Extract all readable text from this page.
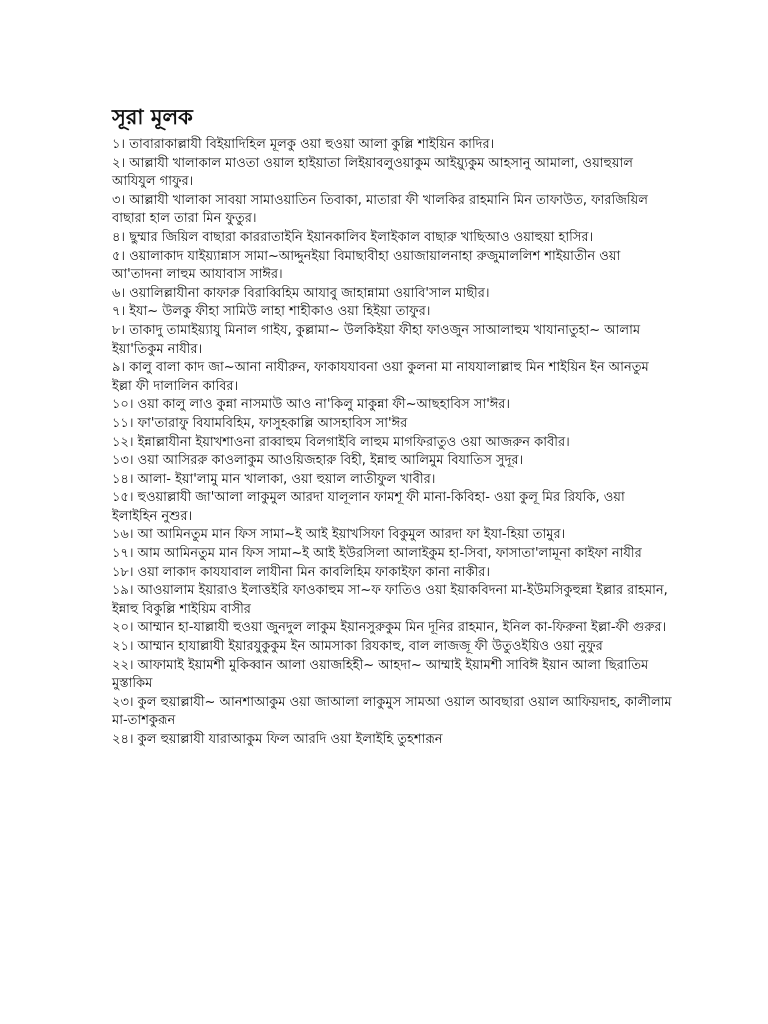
সূরা মূলক

১। তাবারাকাল্লাযী বিইয়াদিহিল মূলকু ওয়া হুওয়া আলা কুল্লি শাইয়িন কাদির।

২। আল্লাযী খালাকাল মাওতা ওয়াল হাইয়াতা লিইয়াবলুওয়াকুম আইয়্যুকুম আহসানু আমালা, ওয়াহুয়াল আযিযুল গাফুর।

৩। আল্লাযী খালাকা সাবয়া সামাওয়াতিন তিবাকা, মাতারা ফী খালকির রাহমানি মিন তাফাউত, ফারজিয়িল বাছারা হাল তারা মিন ফুতুর।

৪। ছুম্মার জিয়িল বাছারা কাররাতাইনি ইয়ানকালিব ইলাইকাল বাছারু খাছিআও ওয়াহুয়া হাসির।

৫। ওয়ালাকাদ যাইয়্যান্নাস সামা~আদ্দুনইয়া বিমাছাবীহা ওয়াজায়ালনাহা রুজুমাললিশ শাইয়াতীন ওয়া আ'তাদনা লাহুম আযাবাস সাঈর।

৬। ওয়ালিল্লাযীনা কাফারু বিরাব্বিহিম আযাবু জাহান্নামা ওয়াবি'সাল মাছীর।

৭। ইযা~ উলকু ফীহা সামিউ লাহা শাহীকাও ওয়া হিইয়া তাফুর।

৮। তাকাদু তামাইয়্যাযু মিনাল গাইয, কুল্লামা~ উলকিইয়া ফীহা ফাওজুন সাআলাহুম খাযানাতুহা~ আলাম ইয়া'তিকুম নাযীর।

৯। কালু বালা কাদ জা~আনা নাযীরুন, ফাকাযযাবনা ওয়া কুলনা মা নাযযালাল্লাহু মিন শাইয়িন ইন আনতুম ইল্লা ফী দালালিন কাবির।

১০। ওয়া কালু লাও কুন্না নাসমাউ আও না'কিলু মাকুন্না ফী~আছহাবিস সা'ঈর।

১১। ফা'তারাফু বিযামবিহিম, ফাসুহকাল্লি আসহাবিস সা'ঈর

১২। ইন্নাল্লাযীনা ইয়াখশাওনা রাব্বাহুম বিলগাইবি লাহুম মাগফিরাতুও ওয়া আজরুন কাবীর।

১৩। ওয়া আসিররু কাওলাকুম আওয়িজহারু বিহী, ইন্নাহু আলিমুম বিযাতিস সুদূর।

১৪। আলা- ইয়া'লামু মান খালাকা, ওয়া হুয়াল লাতীফুল খাবীর।

১৫। হুওয়াল্লাযী জা'আলা লাকুমুল আরদা যালূলান ফামশূ ফী মানা-কিবিহা- ওয়া কুলূ মির রিযকি, ওয়া ইলাইহিন নুশুর।

১৬। আ আমিনতুম মান ফিস সামা~ই আই ইয়াখসিফা বিকুমুল আরদা ফা ইযা-হিয়া তামুর।

১৭। আম আমিনতুম মান ফিস সামা~ই আই ইউরসিলা আলাইকুম হা-সিবা, ফাসাতা'লামূনা কাইফা নাযীর

১৮। ওয়া লাকাদ কাযযাবাল লাযীনা মিন কাবলিহিম ফাকাইফা কানা নাকীর।

১৯। আওয়ালাম ইয়ারাও ইলাত্তইরি ফাওকাহুম সা~ফ ফাতিও ওয়া ইয়াকবিদনা মা-ইউমসিকুহুন্না ইল্লার রাহমান, ইন্নাহু বিকুল্লি শাইয়িম বাসীর

২০। আম্মান হা-যাল্লাযী হুওয়া জুনদুল লাকুম ইয়ানসুরুকুম মিন দূনির রাহমান, ইনিল কা-ফিরুনা ইল্লা-ফী গুরুর।

২১। আম্মান হাযাল্লাযী ইয়ারযুকুকুম ইন আমসাকা রিযকাহু, বাল লাজজূ ফী উতুওইয়িও ওয়া নুফুর

২২। আফামাই ইয়ামশী মুকিব্বান আলা ওয়াজহিহী~ আহদা~ আম্মাই ইয়ামশী সাবিঈ ইয়ান আলা ছিরাতিম মুস্তাকিম

২৩। কুল হুয়াল্লাযী~ আনশাআকুম ওয়া জাআলা লাকুমুস সামআ ওয়াল আবছারা ওয়াল আফিয়দাহ, কালীলাম মা-তাশকুরূন

২৪। কুল হুয়াল্লাযী যারাআকুম ফিল আরদি ওয়া ইলাইহি তুহশারূন
